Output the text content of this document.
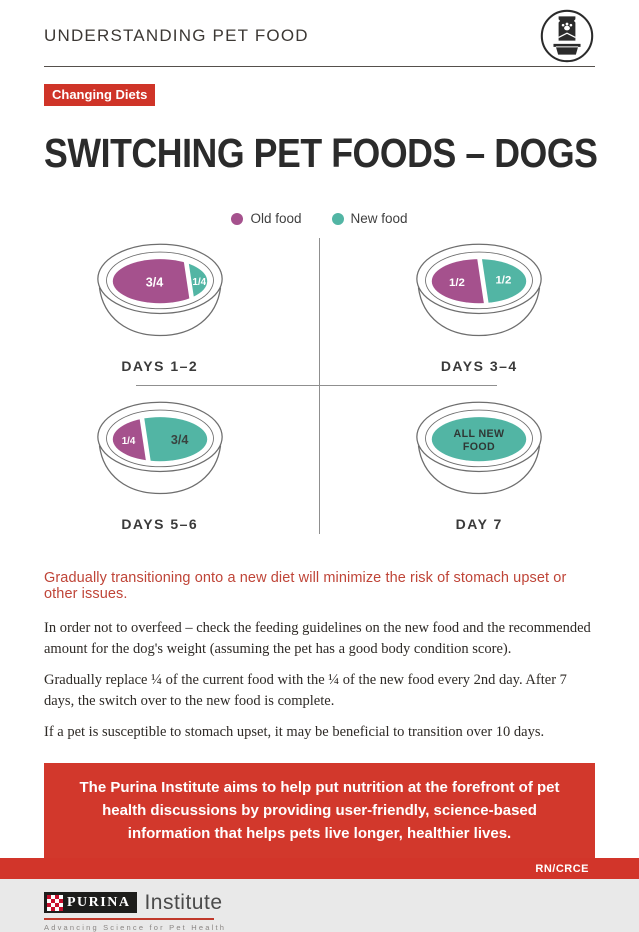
UNDERSTANDING PET FOOD
Changing Diets
SWITCHING PET FOODS – DOGS
Old food	New food
3/4 1/4
DAYS 1–2
1/2 1/2
DAYS 3–4
1/4 3/4
DAYS 5–6
ALL NEW
FOOD
DAY 7
Gradually transitioning onto a new diet will minimize the risk of stomach upset or other issues.

In order not to overfeed – check the feeding guidelines on the new food and the recommended amount for the dog's weight (assuming the pet has a good body condition score).

Gradually replace ¼ of the current food with the ¼ of the new food every 2nd day. After 7 days, the switch over to the new food is complete.

If a pet is susceptible to stomach upset, it may be beneficial to transition over 10 days.

The Purina Institute aims to help put nutrition at the forefront of pet health discussions by providing user-friendly, science-based information that helps pets live longer, healthier lives.
PURINA Institute
Advancing Science for Pet Health
RN/CRCE
